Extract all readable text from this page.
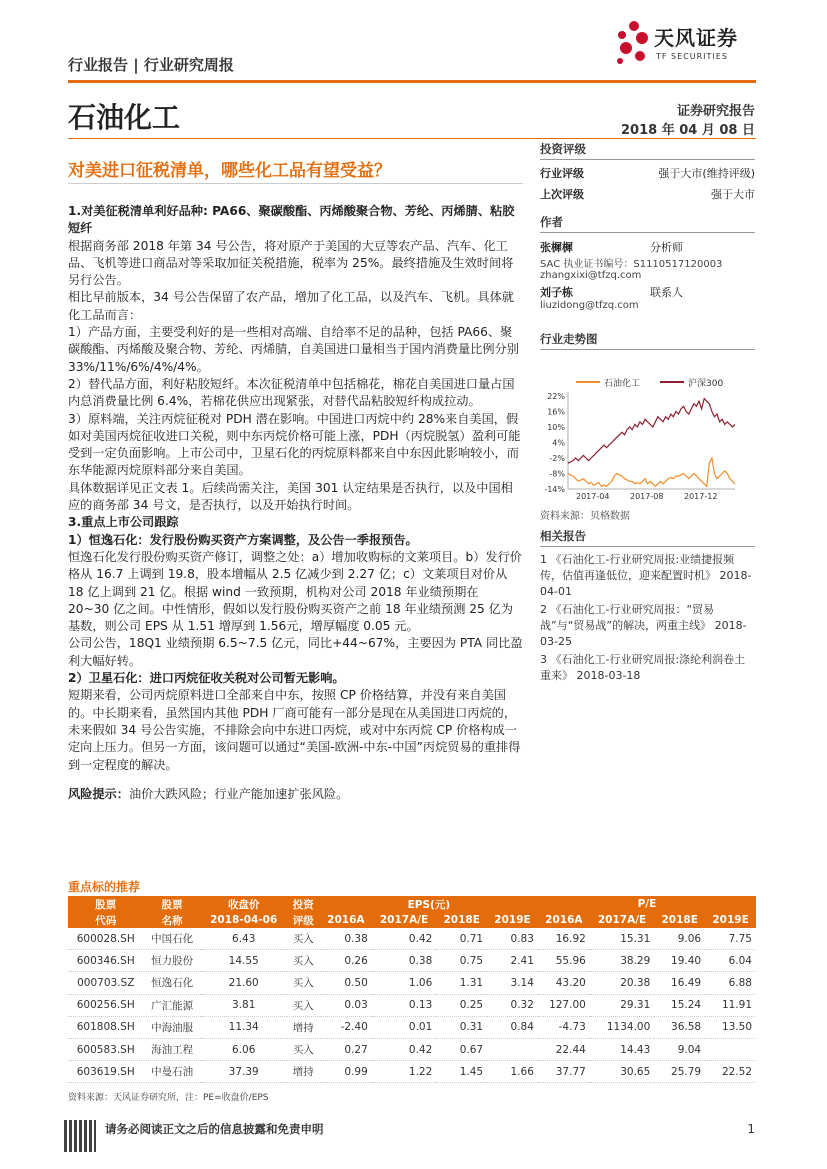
行业报告 | 行业研究周报
天风证券
TF SECURITIES
石油化工	证券研究报告
2018 年 04 月 08 日
对美进口征税清单，哪些化工品有望受益？

1.对美征税清单利好品种: PA66、聚碳酸酯、丙烯酸聚合物、芳纶、丙烯腈、粘胶短纤

根据商务部 2018 年第 34 号公告，将对原产于美国的大豆等农产品、汽车、化工品、飞机等进口商品对等采取加征关税措施，税率为 25%。最终措施及生效时间将另行公告。

相比早前版本，34 号公告保留了农产品，增加了化工品，以及汽车、飞机。具体就化工品而言：

1）产品方面，主要受利好的是一些相对高端、自给率不足的品种，包括 PA66、聚碳酸酯、丙烯酸及聚合物、芳纶、丙烯腈，自美国进口量相当于国内消费量比例分别 33%/11%/6%/4%/4%。

2）替代品方面，利好粘胶短纤。本次征税清单中包括棉花，棉花自美国进口量占国内总消费量比例 6.4%，若棉花供应出现紧张，对替代品粘胶短纤构成拉动。

3）原料端，关注丙烷征税对 PDH 潜在影响。中国进口丙烷中约 28%来自美国，假如对美国丙烷征收进口关税，则中东丙烷价格可能上涨，PDH（丙烷脱氢）盈利可能受到一定负面影响。上市公司中，卫星石化的丙烷原料都来自中东因此影响较小，而东华能源丙烷原料部分来自美国。

具体数据详见正文表 1。后续尚需关注，美国 301 认定结果是否执行，以及中国相应的商务部 34 号文，是否执行，以及开始执行时间。

3.重点上市公司跟踪

1）恒逸石化：发行股份购买资产方案调整，及公告一季报预告。

恒逸石化发行股份购买资产修订，调整之处：a）增加收购标的文莱项目。b）发行价格从 16.7 上调到 19.8，股本增幅从 2.5 亿减少到 2.27 亿；c）文莱项目对价从 18 亿上调到 21 亿。根据 wind 一致预期，机构对公司 2018 年业绩预期在 20~30 亿之间。中性情形，假如以发行股份购买资产之前 18 年业绩预测 25 亿为基数，则公司 EPS 从 1.51 增厚到 1.56元，增厚幅度 0.05 元。

公司公告，18Q1 业绩预期 6.5~7.5 亿元，同比+44~67%，主要因为 PTA 同比盈利大幅好转。

2）卫星石化：进口丙烷征收关税对公司暂无影响。

短期来看，公司丙烷原料进口全部来自中东，按照 CP 价格结算，并没有来自美国的。中长期来看，虽然国内其他 PDH 厂商可能有一部分是现在从美国进口丙烷的，未来假如 34 号公告实施，不排除会向中东进口丙烷，或对中东丙烷 CP 价格构成一定向上压力。但另一方面，该问题可以通过“美国-欧洲-中东-中国”丙烷贸易的重排得到一定程度的解决。

风险提示：油价大跌风险；行业产能加速扩张风险。

投资评级
行业评级	强于大市(维持评级)
上次评级	强于大市
作者
张樨樨	分析师
SAC 执业证书编号：S1110517120003
zhangxixi@tfzq.com
刘子栋	联系人
liuzidong@tfzq.com
行业走势图
石油化工	沪深300
22%
16%
10%
4%
-2%
-8%
-14%
2017-04	2017-08	2017-12
资料来源：贝格数据
相关报告
1 《石油化工-行业研究周报:业绩捷报频传，估值再逢低位，迎来配置时机》 2018-04-01
2 《石油化工-行业研究周报：“贸易战”与“贸易战”的解决，两重主线》 2018-03-25
3 《石油化工-行业研究周报:涤纶利润卷土重来》 2018-03-18
重点标的推荐
股票	股票	收盘价	投资	EPS(元)				P/E			
代码	名称	2018-04-06	评级	2016A	2017A/E	2018E	2019E	2016A	2017A/E	2018E	2019E
600028.SH	中国石化	6.43	买入	0.38	0.42	0.71	0.83	16.92	15.31	9.06	7.75
600346.SH	恒力股份	14.55	买入	0.26	0.38	0.75	2.41	55.96	38.29	19.40	6.04
000703.SZ	恒逸石化	21.60	买入	0.50	1.06	1.31	3.14	43.20	20.38	16.49	6.88
600256.SH	广汇能源	3.81	买入	0.03	0.13	0.25	0.32	127.00	29.31	15.24	11.91
601808.SH	中海油服	11.34	增持	-2.40	0.01	0.31	0.84	-4.73	1134.00	36.58	13.50
600583.SH	海油工程	6.06	买入	0.27	0.42	0.67		22.44	14.43	9.04	
603619.SH	中曼石油	37.39	增持	0.99	1.22	1.45	1.66	37.77	30.65	25.79	22.52
资料来源：天风证券研究所，注：PE=收盘价/EPS
请务必阅读正文之后的信息披露和免责申明	1
